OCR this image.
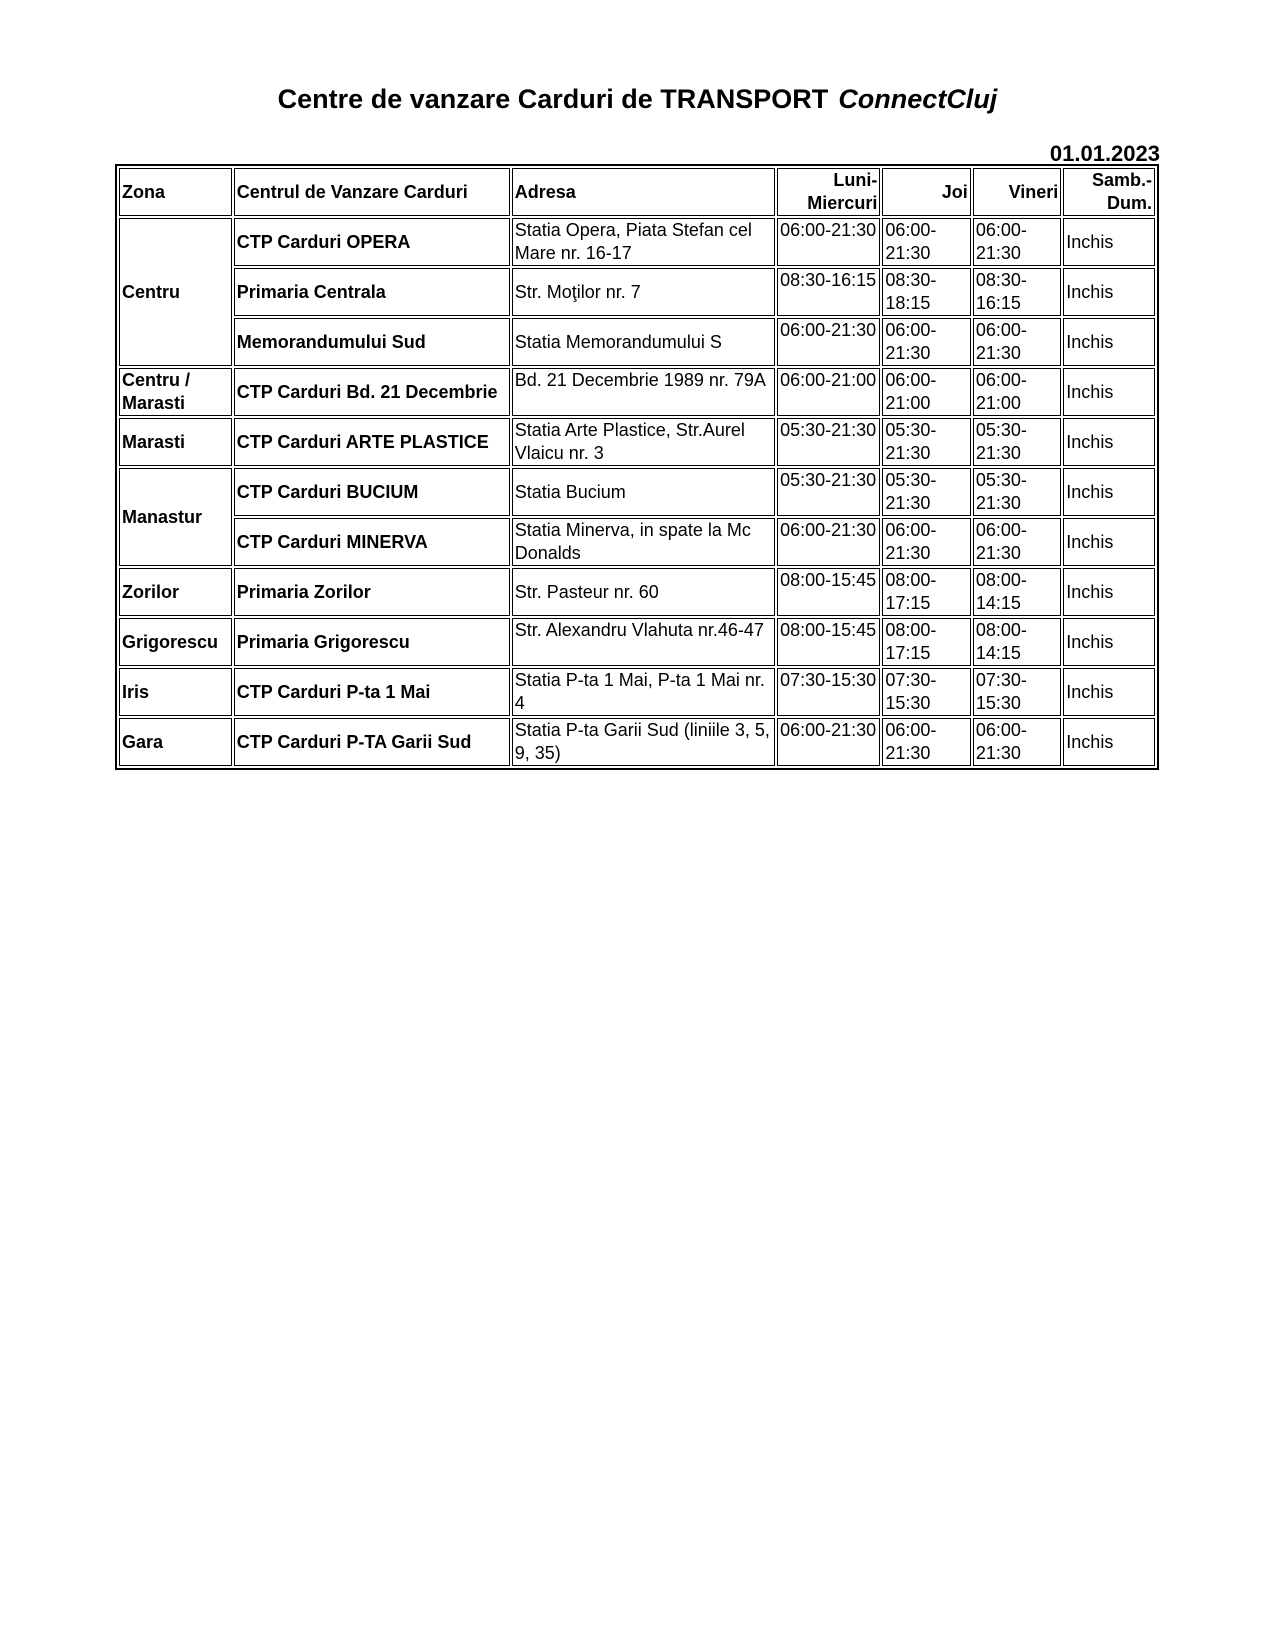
Centre de vanzare Carduri de TRANSPORT ConnectCluj
01.01.2023
Zona	Centrul de Vanzare Carduri	Adresa	Luni-Miercuri	Joi	Vineri	Samb.-Dum.
Centru	CTP Carduri OPERA	Statia Opera, Piata Stefan cel Mare nr. 16-17	06:00-21:30	06:00-21:30	06:00-21:30	Inchis
	Primaria Centrala	Str. Moţilor nr. 7	08:30-16:15	08:30-18:15	08:30-16:15	Inchis
	Memorandumului Sud	Statia Memorandumului S	06:00-21:30	06:00-21:30	06:00-21:30	Inchis
Centru / Marasti	CTP Carduri Bd. 21 Decembrie	Bd. 21 Decembrie 1989 nr. 79A	06:00-21:00	06:00-21:00	06:00-21:00	Inchis
Marasti	CTP Carduri ARTE PLASTICE	Statia Arte Plastice, Str.Aurel Vlaicu nr. 3	05:30-21:30	05:30-21:30	05:30-21:30	Inchis
Manastur	CTP Carduri BUCIUM	Statia Bucium	05:30-21:30	05:30-21:30	05:30-21:30	Inchis
	CTP Carduri MINERVA	Statia Minerva, in spate la Mc Donalds	06:00-21:30	06:00-21:30	06:00-21:30	Inchis
Zorilor	Primaria Zorilor	Str. Pasteur nr. 60	08:00-15:45	08:00-17:15	08:00-14:15	Inchis
Grigorescu	Primaria Grigorescu	Str. Alexandru Vlahuta nr.46-47	08:00-15:45	08:00-17:15	08:00-14:15	Inchis
Iris	CTP Carduri P-ta 1 Mai	Statia P-ta 1 Mai, P-ta 1 Mai nr. 4	07:30-15:30	07:30-15:30	07:30-15:30	Inchis
Gara	CTP Carduri P-TA Garii Sud	Statia P-ta Garii Sud (liniile 3, 5, 9, 35)	06:00-21:30	06:00-21:30	06:00-21:30	Inchis
